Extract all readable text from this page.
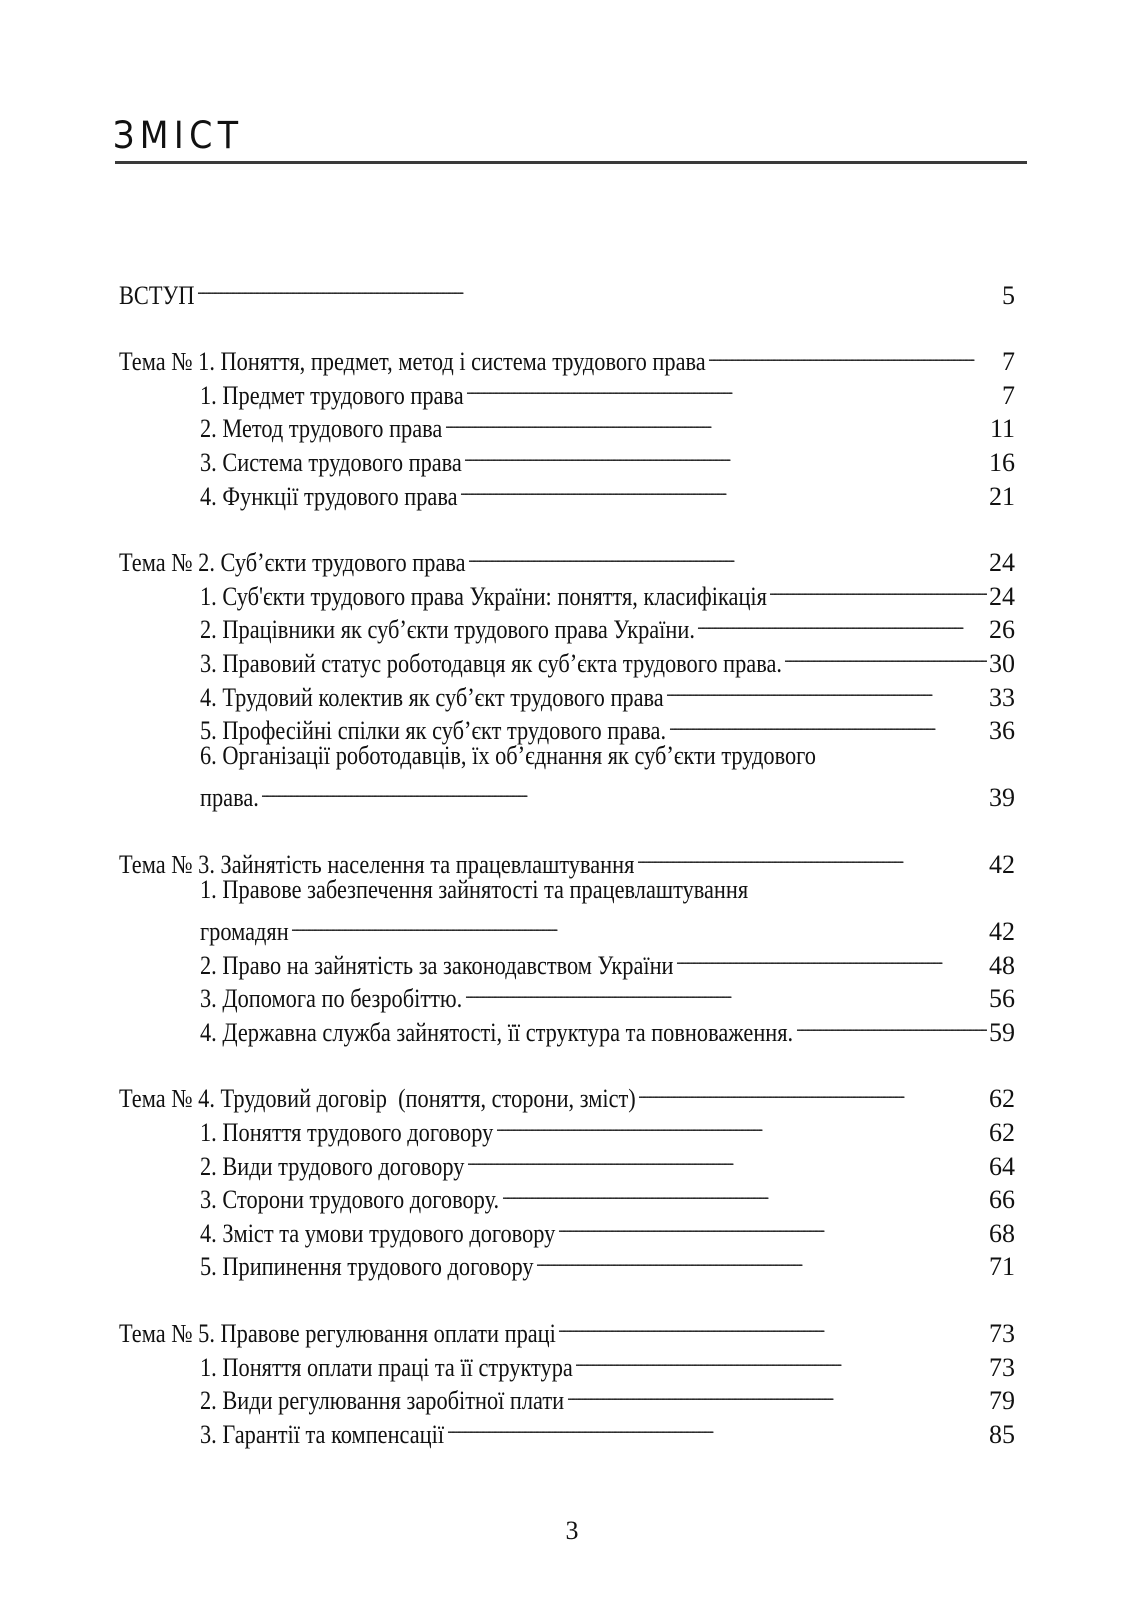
ЗМІСТ
ВСТУП . . .	5
Тема № 1. Поняття, предмет, метод і система трудового права . . .	7
1. Предмет трудового права . . .	7
2. Метод трудового права . . .	11
3. Система трудового права . . .	16
4. Функції трудового права . . .	21
Тема № 2. Суб’єкти трудового права . . .	24
1. Суб'єкти трудового права України: поняття, класифікація . . .	24
2. Працівники як суб’єкти трудового права України. . . .	26
3. Правовий статус роботодавця як суб’єкта трудового права. . . .	30
4. Трудовий колектив як суб’єкт трудового права . . .	33
5. Професійні спілки як суб’єкт трудового права. . . .	36
6. Організації роботодавців, їх об’єднання як суб’єкти трудового
права. . . .	39
Тема № 3. Зайнятість населення та працевлаштування . . .	42
1. Правове забезпечення зайнятості та працевлаштування
громадян . . .	42
2. Право на зайнятість за законодавством України . . .	48
3. Допомога по безробіттю. . . .	56
4. Державна служба зайнятості, її структура та повноваження. . . .	59
Тема № 4. Трудовий договір  (поняття, сторони, зміст) . . .	62
1. Поняття трудового договору . . .	62
2. Види трудового договору . . .	64
3. Сторони трудового договору. . . .	66
4. Зміст та умови трудового договору . . .	68
5. Припинення трудового договору . . .	71
Тема № 5. Правове регулювання оплати праці . . .	73
1. Поняття оплати праці та її структура . . .	73
2. Види регулювання заробітної плати . . .	79
3. Гарантії та компенсації . . .	85
3
